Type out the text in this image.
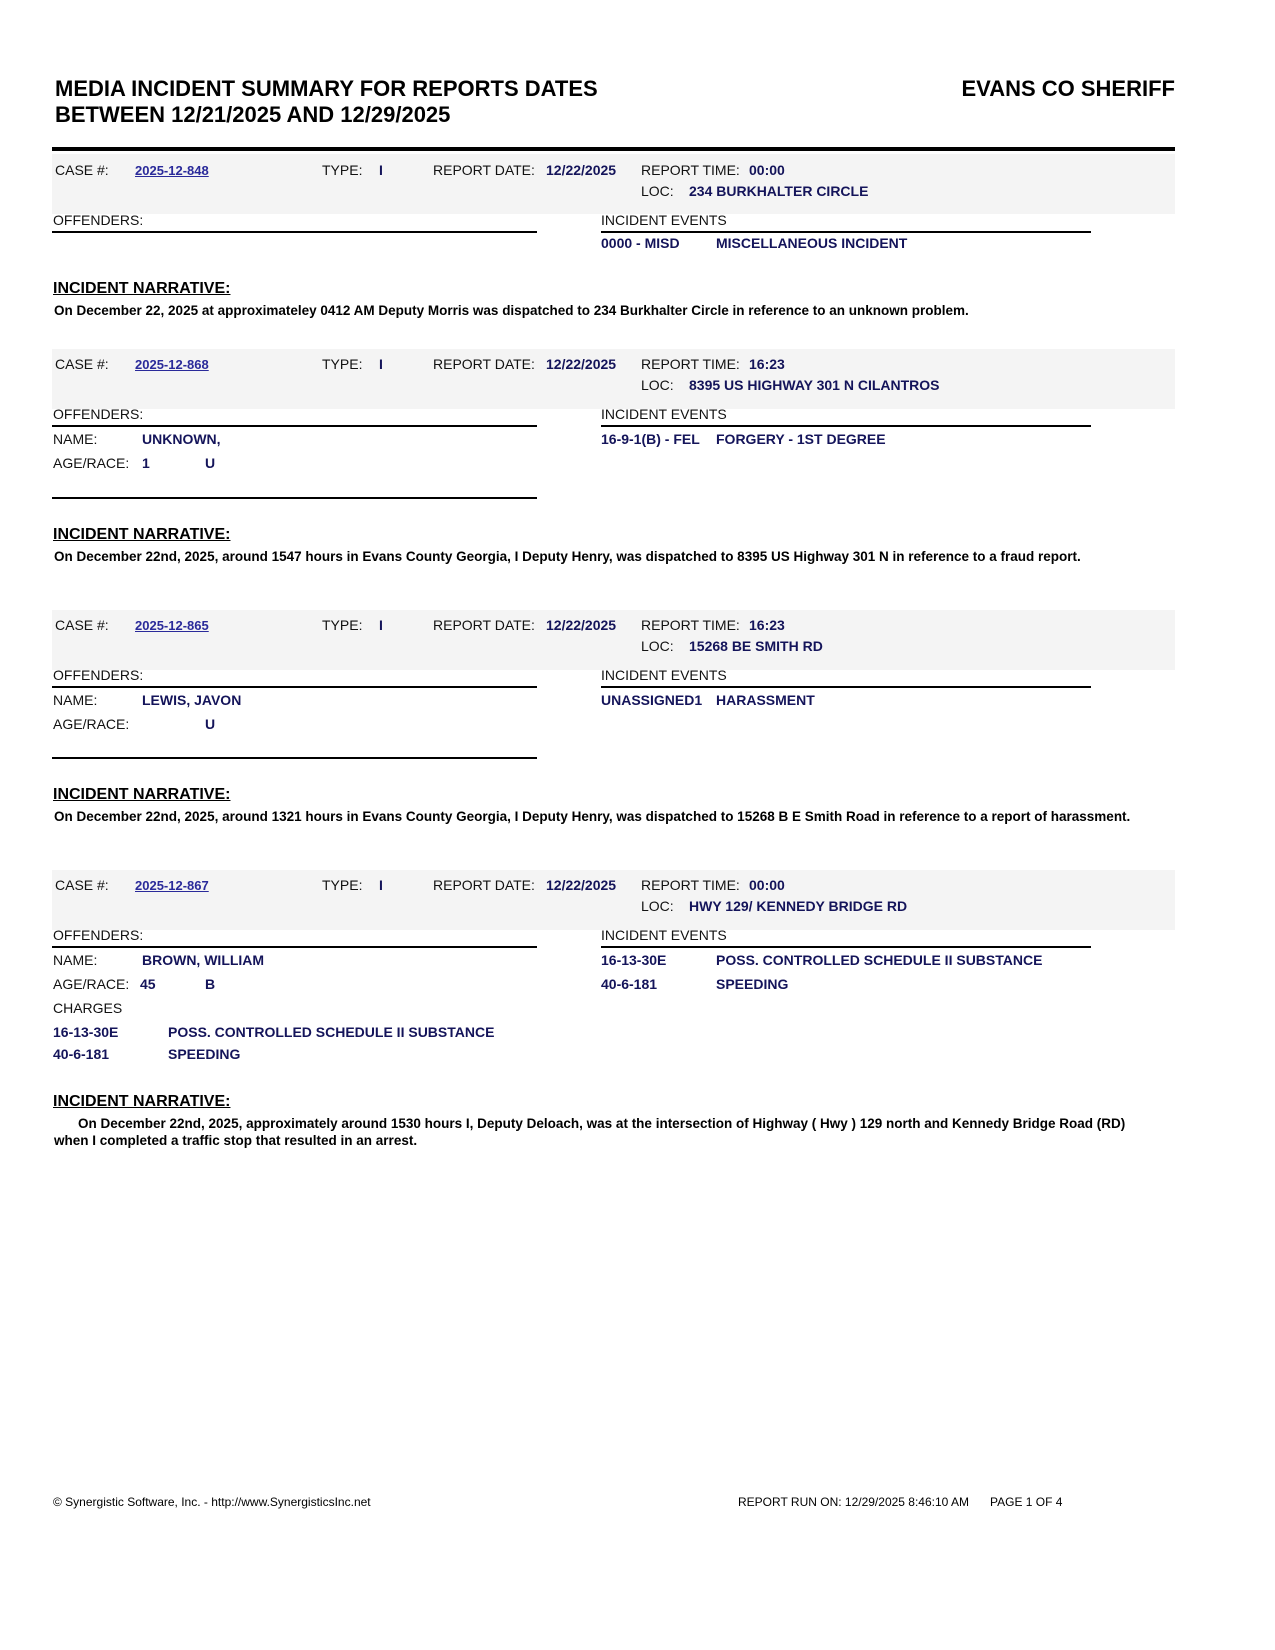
MEDIA INCIDENT SUMMARY FOR REPORTS DATES
BETWEEN 12/21/2025 AND 12/29/2025
EVANS CO SHERIFF
CASE #: 2025-12-848	TYPE: I	REPORT DATE: 12/22/2025 REPORT TIME: 00:00
LOC: 234 BURKHALTER CIRCLE
OFFENDERS:	INCIDENT EVENTS
0000 - MISD	MISCELLANEOUS INCIDENT
INCIDENT NARRATIVE:
On December 22, 2025 at approximateley 0412 AM Deputy Morris was dispatched to 234 Burkhalter Circle in reference to an unknown problem.
CASE #: 2025-12-868	TYPE: I	REPORT DATE: 12/22/2025 REPORT TIME: 16:23
LOC: 8395 US HIGHWAY 301 N CILANTROS
OFFENDERS:
NAME:	UNKNOWN,
AGE/RACE: 1	U
INCIDENT EVENTS
16-9-1(B) - FEL FORGERY - 1ST DEGREE
INCIDENT NARRATIVE:
On December 22nd, 2025, around 1547 hours in Evans County Georgia, I Deputy Henry, was dispatched to 8395 US Highway 301 N in reference to a fraud report.
CASE #: 2025-12-865	TYPE: I	REPORT DATE: 12/22/2025 REPORT TIME: 16:23
LOC: 15268 BE SMITH RD
OFFENDERS:
NAME:	LEWIS, JAVON
AGE/RACE:	U
INCIDENT EVENTS
UNASSIGNED1 HARASSMENT
INCIDENT NARRATIVE:
On December 22nd, 2025, around 1321 hours in Evans County Georgia, I Deputy Henry, was dispatched to 15268 B E Smith Road in reference to a report of harassment.
CASE #: 2025-12-867	TYPE: I	REPORT DATE: 12/22/2025 REPORT TIME: 00:00
LOC: HWY 129/ KENNEDY BRIDGE RD
OFFENDERS:
NAME:	BROWN, WILLIAM
AGE/RACE: 45	B
CHARGES
16-13-30E	POSS. CONTROLLED SCHEDULE II SUBSTANCE
40-6-181	SPEEDING
INCIDENT EVENTS
16-13-30E	POSS. CONTROLLED SCHEDULE II SUBSTANCE
40-6-181	SPEEDING
INCIDENT NARRATIVE:
On December 22nd, 2025, approximately around 1530 hours I, Deputy Deloach, was at the intersection of Highway ( Hwy ) 129 north and Kennedy Bridge Road (RD) when I completed a traffic stop that resulted in an arrest.
© Synergistic Software, Inc. - http://www.SynergisticsInc.net	REPORT RUN ON: 12/29/2025 8:46:10 AM PAGE 1 OF 4
